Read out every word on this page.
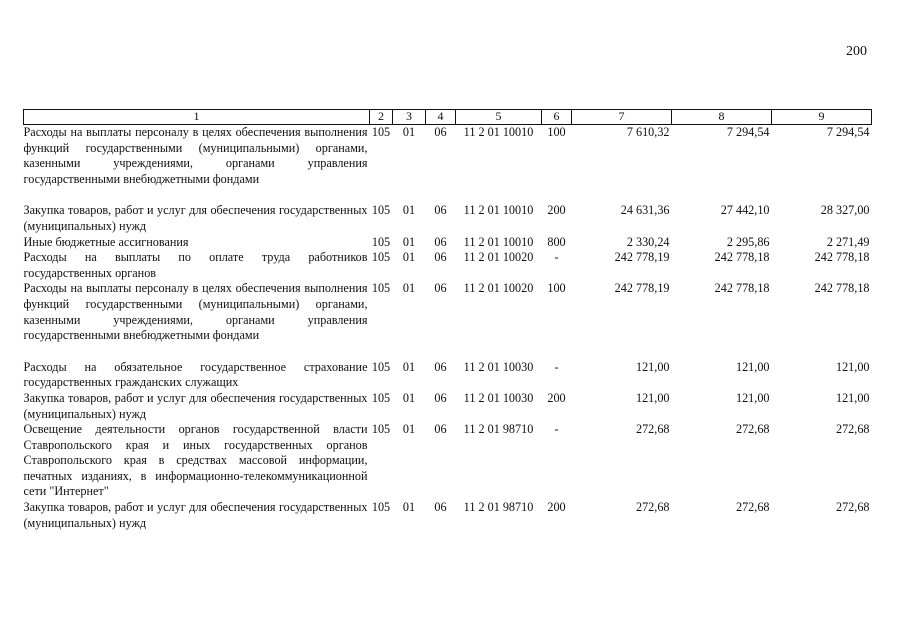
200
1	2	3	4	5	6	7	8	9
Расходы на выплаты персоналу в целях обеспечения выполнения функций государственными (муниципальными) органами, казенными учреждениями, органами управления государственными внебюджетными фондами	105	01	06	11 2 01 10010	100	7 610,32	7 294,54	7 294,54

Закупка товаров, работ и услуг для обеспечения государственных (муниципальных) нужд	105	01	06	11 2 01 10010	200	24 631,36	27 442,10	28 327,00
Иные бюджетные ассигнования	105	01	06	11 2 01 10010	800	2 330,24	2 295,86	2 271,49
Расходы на выплаты по оплате труда работников государственных органов	105	01	06	11 2 01 10020	-	242 778,19	242 778,18	242 778,18
Расходы на выплаты персоналу в целях обеспечения выполнения функций государственными (муниципальными) органами, казенными учреждениями, органами управления государственными внебюджетными фондами	105	01	06	11 2 01 10020	100	242 778,19	242 778,18	242 778,18

Расходы на обязательное государственное страхование государственных гражданских служащих	105	01	06	11 2 01 10030	-	121,00	121,00	121,00
Закупка товаров, работ и услуг для обеспечения государственных (муниципальных) нужд	105	01	06	11 2 01 10030	200	121,00	121,00	121,00
Освещение деятельности органов государственной власти Ставропольского края и иных государственных органов Ставропольского края в средствах массовой информации, печатных изданиях, в информационно-телекоммуникационной сети "Интернет"	105	01	06	11 2 01 98710	-	272,68	272,68	272,68
Закупка товаров, работ и услуг для обеспечения государственных (муниципальных) нужд	105	01	06	11 2 01 98710	200	272,68	272,68	272,68
